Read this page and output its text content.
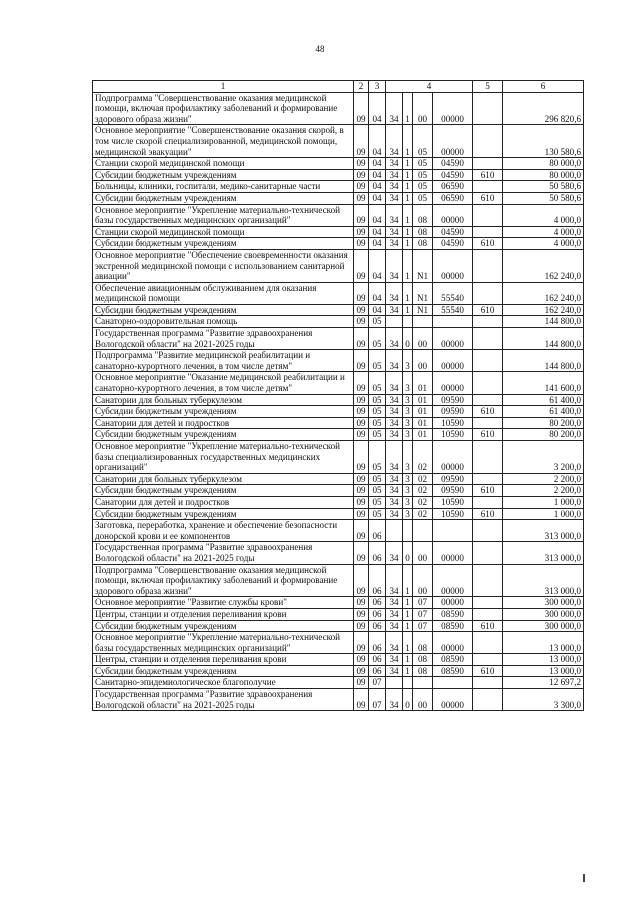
48
1	2	3	4				5	6
Подпрограмма "Совершенствование оказания медицинской помощи, включая профилактику заболеваний и формирование здорового образа жизни"	09	04	34	1	00	00000		296 820,6
Основное мероприятие "Совершенствование оказания скорой, в том числе скорой специализированной, медицинской помощи, медицинской эвакуации"	09	04	34	1	05	00000		130 580,6
Станции скорой медицинской помощи	09	04	34	1	05	04590		80 000,0
Субсидии бюджетным учреждениям	09	04	34	1	05	04590	610	80 000,0
Больницы, клиники, госпитали, медико-санитарные части	09	04	34	1	05	06590		50 580,6
Субсидии бюджетным учреждениям	09	04	34	1	05	06590	610	50 580,6
Основное мероприятие "Укрепление материально-технической базы государственных медицинских организаций"	09	04	34	1	08	00000		4 000,0
Станции скорой медицинской помощи	09	04	34	1	08	04590		4 000,0
Субсидии бюджетным учреждениям	09	04	34	1	08	04590	610	4 000,0
Основное мероприятие "Обеспечение своевременности оказания экстренной медицинской помощи с использованием санитарной авиации"	09	04	34	1	N1	00000		162 240,0
Обеспечение авиационным обслуживанием для оказания медицинской помощи	09	04	34	1	N1	55540		162 240,0
Субсидии бюджетным учреждениям	09	04	34	1	N1	55540	610	162 240,0
Санаторно-оздоровительная помощь	09	05						144 800,0
Государственная программа "Развитие здравоохранения Вологодской области" на 2021-2025 годы	09	05	34	0	00	00000		144 800,0
Подпрограмма "Развитие медицинской реабилитации и санаторно-курортного лечения, в том числе детям"	09	05	34	3	00	00000		144 800,0
Основное мероприятие "Оказание медицинской реабилитации и санаторно-курортного лечения, в том числе детям"	09	05	34	3	01	00000		141 600,0
Санатории для больных туберкулезом	09	05	34	3	01	09590		61 400,0
Субсидии бюджетным учреждениям	09	05	34	3	01	09590	610	61 400,0
Санатории для детей и подростков	09	05	34	3	01	10590		80 200,0
Субсидии бюджетным учреждениям	09	05	34	3	01	10590	610	80 200,0
Основное мероприятие "Укрепление материально-технической базы специализированных государственных медицинских организаций"	09	05	34	3	02	00000		3 200,0
Санатории для больных туберкулезом	09	05	34	3	02	09590		2 200,0
Субсидии бюджетным учреждениям	09	05	34	3	02	09590	610	2 200,0
Санатории для детей и подростков	09	05	34	3	02	10590		1 000,0
Субсидии бюджетным учреждениям	09	05	34	3	02	10590	610	1 000,0
Заготовка, переработка, хранение и обеспечение безопасности донорской крови и ее компонентов	09	06						313 000,0
Государственная программа "Развитие здравоохранения Вологодской области" на 2021-2025 годы	09	06	34	0	00	00000		313 000,0
Подпрограмма "Совершенствование оказания медицинской помощи, включая профилактику заболеваний и формирование здорового образа жизни"	09	06	34	1	00	00000		313 000,0
Основное мероприятие "Развитие службы крови"	09	06	34	1	07	00000		300 000,0
Центры, станции и отделения переливания крови	09	06	34	1	07	08590		300 000,0
Субсидии бюджетным учреждениям	09	06	34	1	07	08590	610	300 000,0
Основное мероприятие "Укрепление материально-технической базы государственных медицинских организаций"	09	06	34	1	08	00000		13 000,0
Центры, станции и отделения переливания крови	09	06	34	1	08	08590		13 000,0
Субсидии бюджетным учреждениям	09	06	34	1	08	08590	610	13 000,0
Санитарно-эпидемиологическое благополучие	09	07						12 697,2
Государственная программа "Развитие здравоохранения Вологодской области" на 2021-2025 годы	09	07	34	0	00	00000		3 300,0
